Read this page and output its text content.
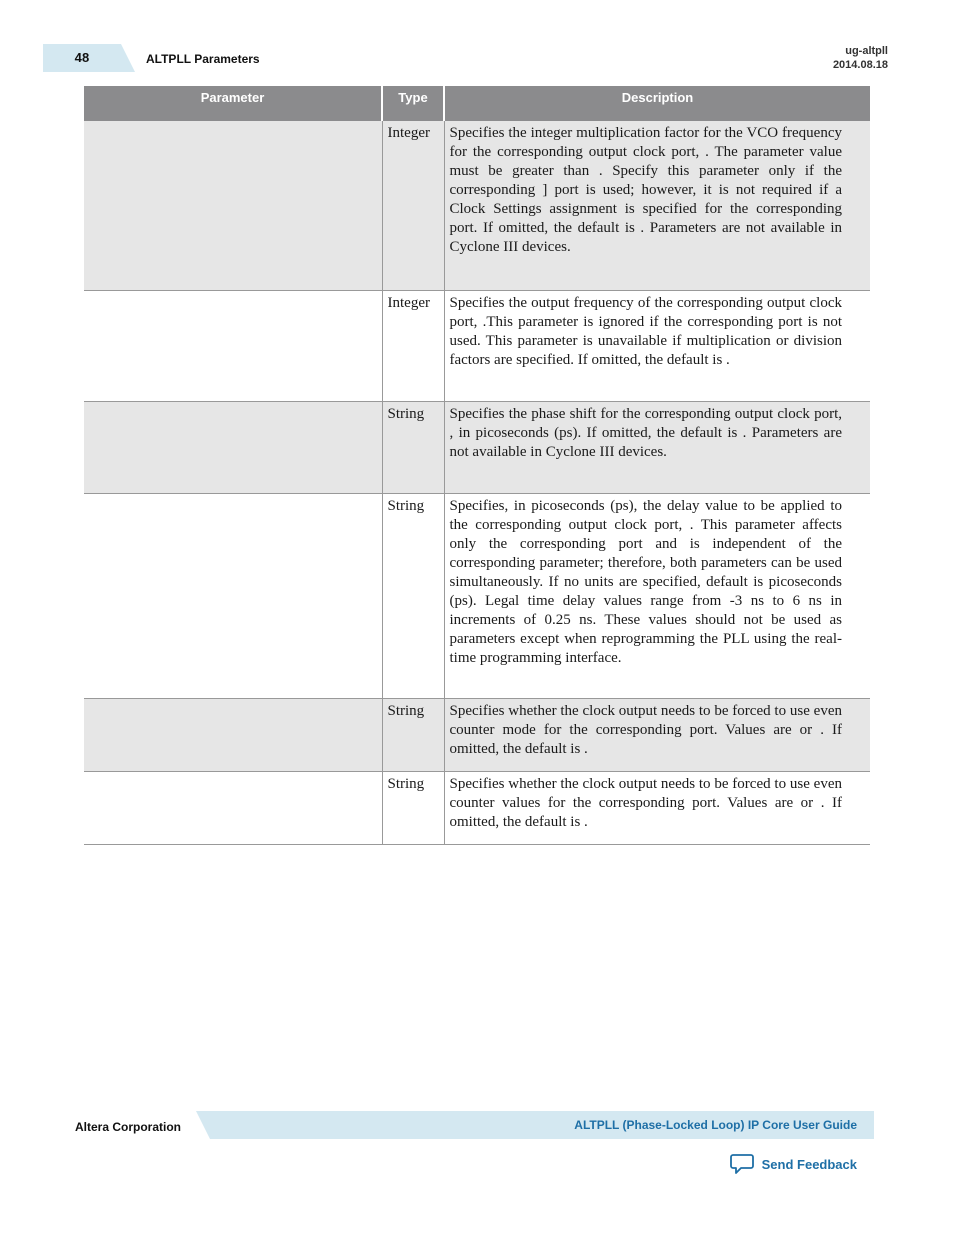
48	ALTPLL Parameters
ug-altpll
2014.08.18
Parameter	Type	Description
	Integer	Specifies the integer multiplication factor for the VCO frequency for the corresponding output clock port, . The parameter value must be greater than . Specify this parameter only if the corresponding ] port is used; however, it is not required if a Clock Settings assignment is specified for the corresponding port. If omitted, the default is . Parameters are not available in Cyclone III devices.
	Integer	Specifies the output frequency of the corresponding output clock port, .This parameter is ignored if the corresponding port is not used. This parameter is unavailable if multiplication or division factors are specified. If omitted, the default is .
	String	Specifies the phase shift for the corresponding output clock port, , in picoseconds (ps). If omitted, the default is . Parameters are not available in Cyclone III devices.
	String	Specifies, in picoseconds (ps), the delay value to be applied to the corresponding output clock port, . This parameter affects only the corresponding port and is independent of the corresponding parameter; therefore, both parameters can be used simultaneously. If no units are specified, default is picoseconds (ps). Legal time delay values range from -3 ns to 6 ns in increments of 0.25 ns. These values should not be used as parameters except when reprogramming the PLL using the real-time programming interface.
	String	Specifies whether the clock output needs to be forced to use even counter mode for the corresponding port. Values are or . If omitted, the default is .
	String	Specifies whether the clock output needs to be forced to use even counter values for the corresponding port. Values are or . If omitted, the default is .
Altera Corporation	ALTPLL (Phase-Locked Loop) IP Core User Guide
Send Feedback
